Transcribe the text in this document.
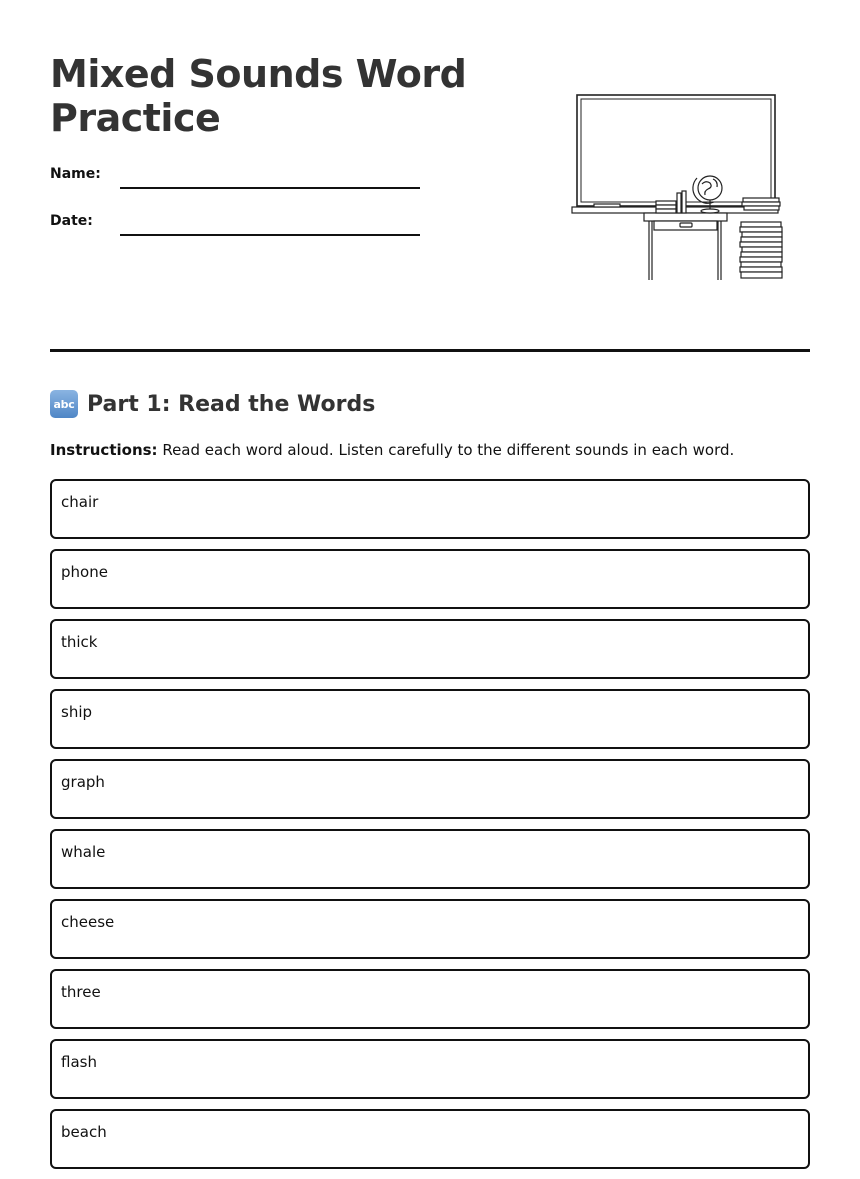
Mixed Sounds Word Practice
Name:
Date:
abc Part 1: Read the Words
Instructions: Read each word aloud. Listen carefully to the different sounds in each word.
chair
phone
thick
ship
graph
whale
cheese
three
flash
beach
